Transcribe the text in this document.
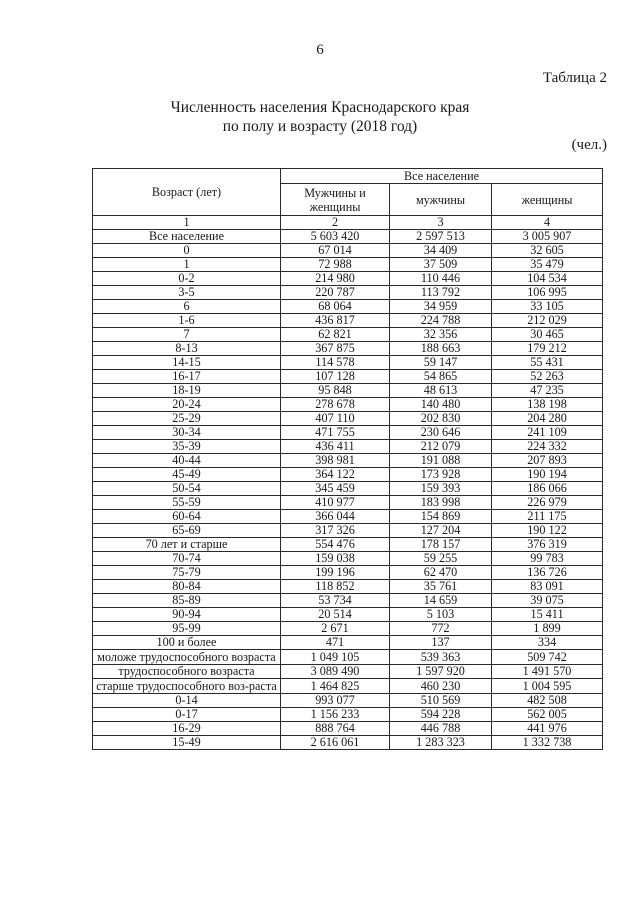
6
Таблица 2
Численность населения Краснодарского края
по полу и возрасту (2018 год)
(чел.)
Возраст (лет)	Все население		
	Мужчины и женщины	мужчины	женщины
1	2	3	4
Все население	5 603 420	2 597 513	3 005 907
0	67 014	34 409	32 605
1	72 988	37 509	35 479
0-2	214 980	110 446	104 534
3-5	220 787	113 792	106 995
6	68 064	34 959	33 105
1-6	436 817	224 788	212 029
7	62 821	32 356	30 465
8-13	367 875	188 663	179 212
14-15	114 578	59 147	55 431
16-17	107 128	54 865	52 263
18-19	95 848	48 613	47 235
20-24	278 678	140 480	138 198
25-29	407 110	202 830	204 280
30-34	471 755	230 646	241 109
35-39	436 411	212 079	224 332
40-44	398 981	191 088	207 893
45-49	364 122	173 928	190 194
50-54	345 459	159 393	186 066
55-59	410 977	183 998	226 979
60-64	366 044	154 869	211 175
65-69	317 326	127 204	190 122
70 лет и старше	554 476	178 157	376 319
70-74	159 038	59 255	99 783
75-79	199 196	62 470	136 726
80-84	118 852	35 761	83 091
85-89	53 734	14 659	39 075
90-94	20 514	5 103	15 411
95-99	2 671	772	1 899
100 и более	471	137	334
моложе трудоспособного возраста	1 049 105	539 363	509 742
трудоспособного возраста	3 089 490	1 597 920	1 491 570
старше трудоспособного воз-раста	1 464 825	460 230	1 004 595
0-14	993 077	510 569	482 508
0-17	1 156 233	594 228	562 005
16-29	888 764	446 788	441 976
15-49	2 616 061	1 283 323	1 332 738
